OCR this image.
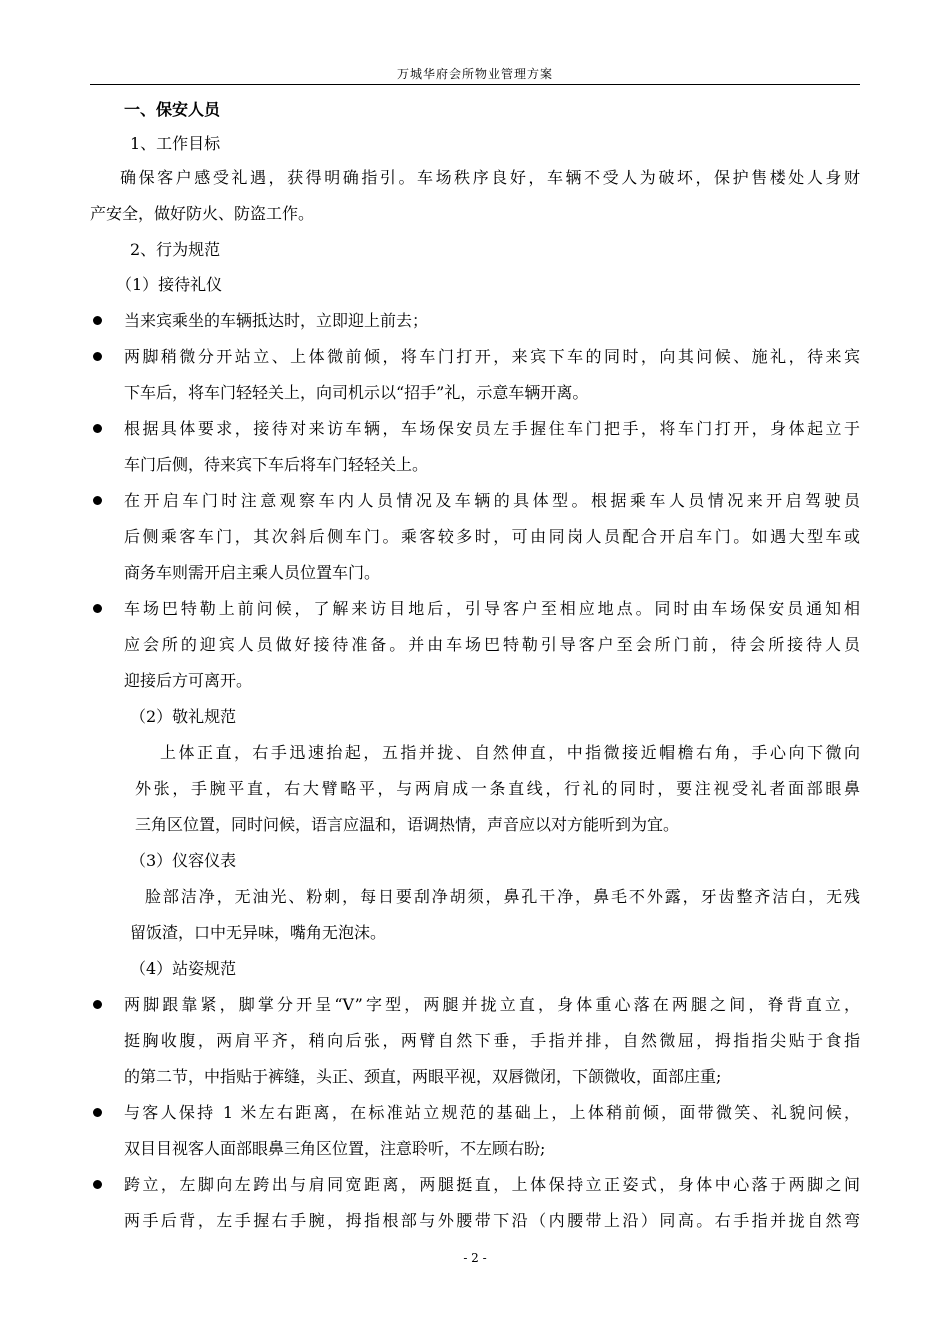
万城华府会所物业管理方案
一、保安人员
1、工作目标
确保客户感受礼遇，获得明确指引。车场秩序良好，车辆不受人为破坏，保护售楼处人身财
产安全，做好防火、防盗工作。
2、行为规范
（1）接待礼仪
当来宾乘坐的车辆抵达时，立即迎上前去；
两脚稍微分开站立、上体微前倾，将车门打开，来宾下车的同时，向其问候、施礼，待来宾
下车后，将车门轻轻关上，向司机示以“招手”礼，示意车辆开离。
根据具体要求，接待对来访车辆，车场保安员左手握住车门把手，将车门打开，身体起立于
车门后侧，待来宾下车后将车门轻轻关上。
在开启车门时注意观察车内人员情况及车辆的具体型。根据乘车人员情况来开启驾驶员
后侧乘客车门，其次斜后侧车门。乘客较多时，可由同岗人员配合开启车门。如遇大型车或
商务车则需开启主乘人员位置车门。
车场巴特勒上前问候，了解来访目地后，引导客户至相应地点。同时由车场保安员通知相
应会所的迎宾人员做好接待准备。并由车场巴特勒引导客户至会所门前，待会所接待人员
迎接后方可离开。
（2）敬礼规范
上体正直，右手迅速抬起，五指并拢、自然伸直，中指微接近帽檐右角，手心向下微向
外张，手腕平直，右大臂略平，与两肩成一条直线，行礼的同时，要注视受礼者面部眼鼻
三角区位置，同时问候，语言应温和，语调热情，声音应以对方能听到为宜。
（3）仪容仪表
脸部洁净，无油光、粉刺，每日要刮净胡须，鼻孔干净，鼻毛不外露，牙齿整齐洁白，无残
留饭渣，口中无异味，嘴角无泡沫。
（4）站姿规范
两脚跟靠紧，脚掌分开呈“V”字型，两腿并拢立直，身体重心落在两腿之间，脊背直立，
挺胸收腹，两肩平齐，稍向后张，两臂自然下垂，手指并排，自然微屈，拇指指尖贴于食指
的第二节，中指贴于裤缝，头正、颈直，两眼平视，双唇微闭，下颌微收，面部庄重;
与客人保持 1 米左右距离，在标准站立规范的基础上，上体稍前倾，面带微笑、礼貌问候，
双目目视客人面部眼鼻三角区位置，注意聆听，不左顾右盼;
跨立，左脚向左跨出与肩同宽距离，两腿挺直，上体保持立正姿式，身体中心落于两脚之间
两手后背，左手握右手腕，拇指根部与外腰带下沿（内腰带上沿）同高。右手指并拢自然弯
- 2 -
